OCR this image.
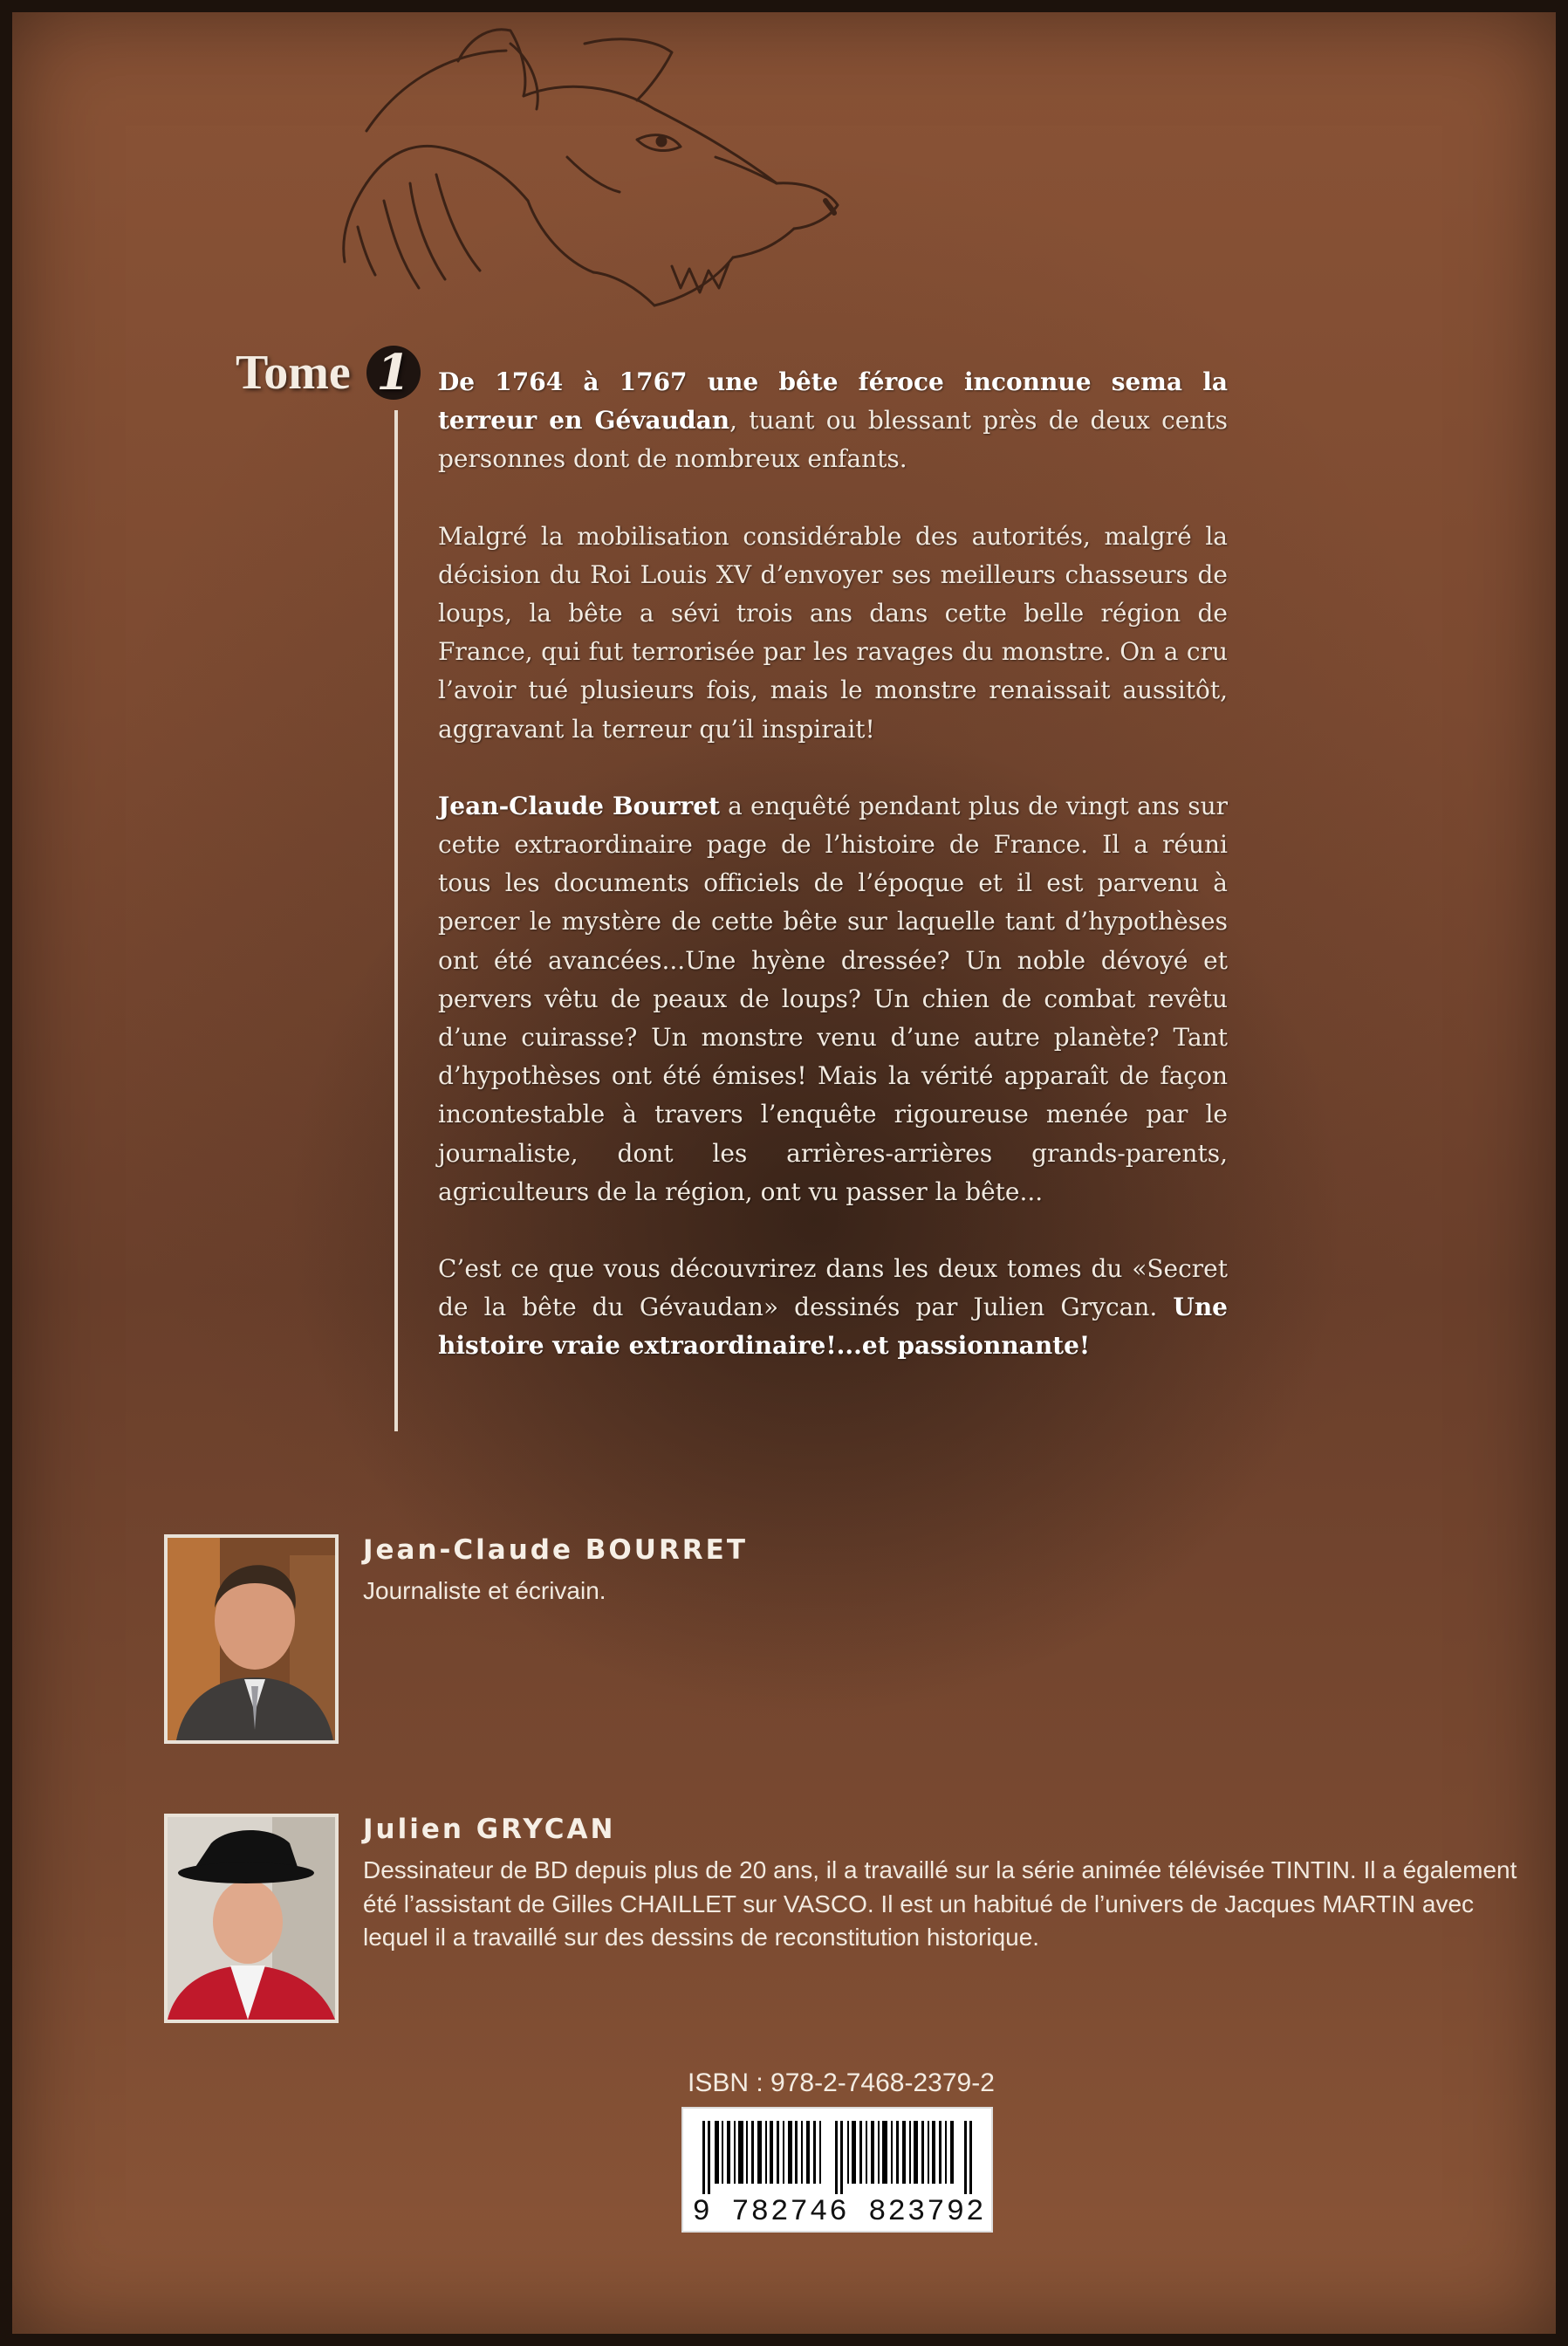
Tome 1	De 1764 à 1767 une bête féroce inconnue sema la terreur en Gévaudan, tuant ou blessant près de deux cents personnes dont de nombreux enfants.

Malgré la mobilisation considérable des autorités, malgré la décision du Roi Louis XV d’envoyer ses meilleurs chasseurs de loups, la bête a sévi trois ans dans cette belle région de France, qui fut terrorisée par les ravages du monstre. On a cru l’avoir tué plusieurs fois, mais le monstre renaissait aussitôt, aggravant la terreur qu’il inspirait!

Jean-Claude Bourret a enquêté pendant plus de vingt ans sur cette extraordinaire page de l’histoire de France. Il a réuni tous les documents officiels de l’époque et il est parvenu à percer le mystère de cette bête sur laquelle tant d’hypothèses ont été avancées...Une hyène dressée? Un noble dévoyé et pervers vêtu de peaux de loups? Un chien de combat revêtu d’une cuirasse? Un monstre venu d’une autre planète? Tant d’hypothèses ont été émises! Mais la vérité apparaît de façon incontestable à travers l’enquête rigoureuse menée par le journaliste, dont les arrières-arrières grands-parents, agriculteurs de la région, ont vu passer la bête...

C’est ce que vous découvrirez dans les deux tomes du «Secret de la bête du Gévaudan» dessinés par Julien Grycan. Une histoire vraie extraordinaire!...et passionnante!

Jean-Claude BOURRET
Journaliste et écrivain.
Julien GRYCAN
Dessinateur de BD depuis plus de 20 ans, il a travaillé sur la série animée télévisée TINTIN. Il a également été l’assistant de Gilles CHAILLET sur VASCO. Il est un habitué de l’univers de Jacques MARTIN avec lequel il a travaillé sur des dessins de reconstitution historique.
ISBN : 978-2-7468-2379-2
9 782746 823792
